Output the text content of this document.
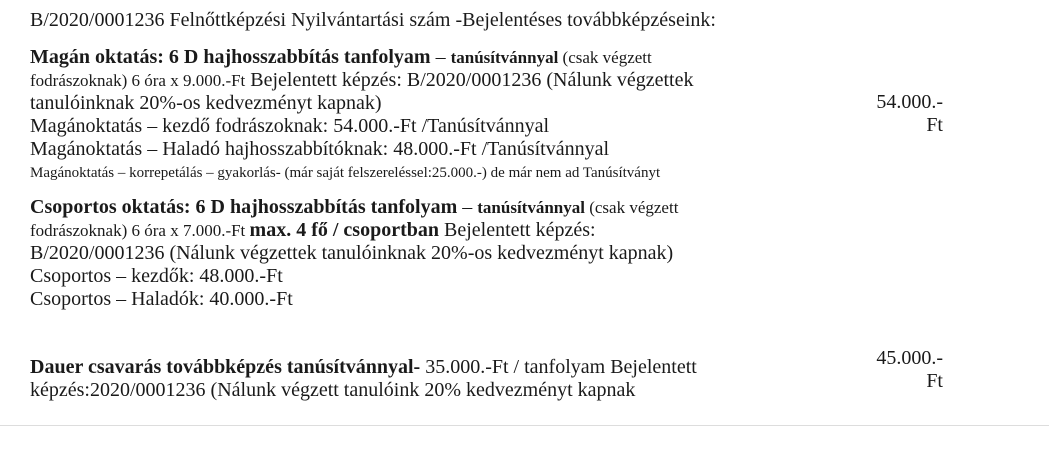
B/2020/0001236 Felnőttképzési Nyilvántartási szám -Bejelentéses továbbképzéseink:
Magán oktatás: 6 D hajhosszabbítás tanfolyam – tanúsítvánnyal (csak végzett
fodrászoknak) 6 óra x 9.000.-Ft Bejelentett képzés: B/2020/0001236 (Nálunk végzettek
tanulóinknak 20%-os kedvezményt kapnak)
Magánoktatás – kezdő fodrászoknak: 54.000.-Ft /Tanúsítvánnyal
Magánoktatás – Haladó hajhosszabbítóknak: 48.000.-Ft /Tanúsítvánnyal
Magánoktatás – korrepetálás – gyakorlás- (már saját felszereléssel:25.000.-) de már nem ad Tanúsítványt
54.000.-
Ft
Csoportos oktatás: 6 D hajhosszabbítás tanfolyam – tanúsítvánnyal (csak végzett
fodrászoknak) 6 óra x 7.000.-Ft max. 4 fő / csoportban Bejelentett képzés:
B/2020/0001236 (Nálunk végzettek tanulóinknak 20%-os kedvezményt kapnak)
Csoportos – kezdők: 48.000.-Ft
Csoportos – Haladók: 40.000.-Ft
Dauer csavarás továbbképzés tanúsítvánnyal- 35.000.-Ft / tanfolyam Bejelentett
képzés:2020/0001236 (Nálunk végzett tanulóink 20% kedvezményt kapnak
45.000.-
Ft
